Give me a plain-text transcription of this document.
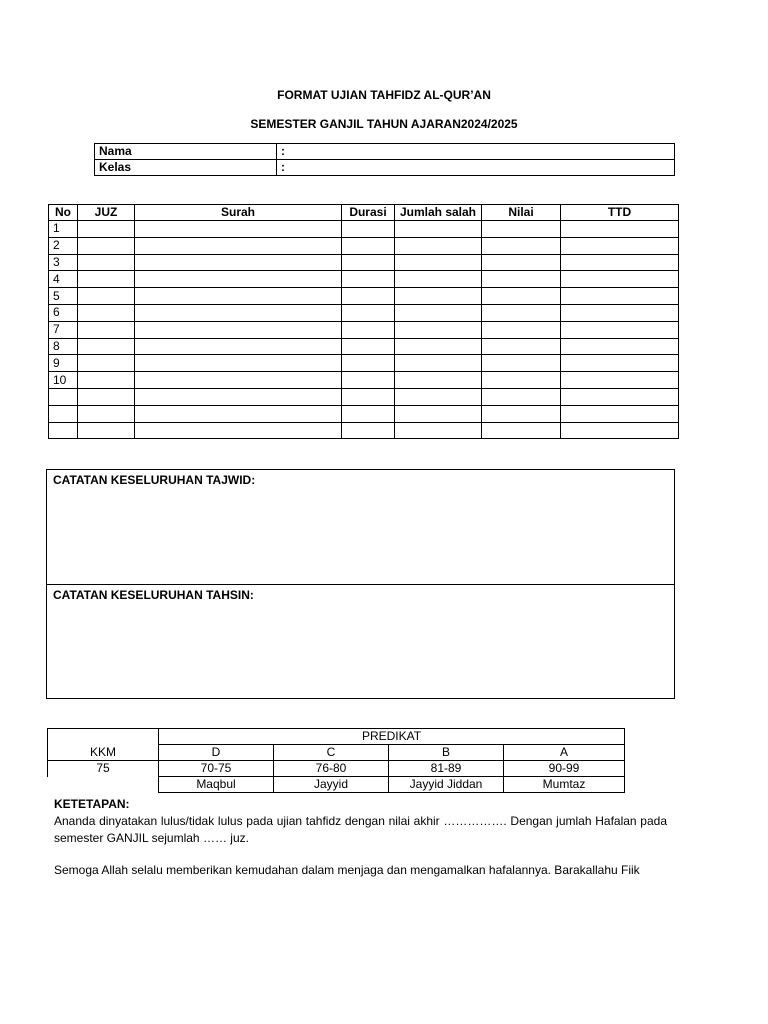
FORMAT UJIAN TAHFIDZ AL-QUR’AN
SEMESTER GANJIL TAHUN AJARAN2024/2025
Nama	:
Kelas	:
No	JUZ	Surah	Durasi	Jumlah salah	Nilai	TTD
1						
2						
3						
4						
5						
6						
7						
8						
9						
10						

CATATAN KESELURUHAN TAJWID:
CATATAN KESELURUHAN TAHSIN:
	PREDIKAT			
KKM	D	C	B	A
75	70-75	76-80	81-89	90-99
	Maqbul	Jayyid	Jayyid Jiddan	Mumtaz
KETETAPAN:
Ananda dinyatakan lulus/tidak lulus pada ujian tahfidz dengan nilai akhir ……………. Dengan jumlah Hafalan pada semester GANJIL sejumlah …… juz.
Semoga Allah selalu memberikan kemudahan dalam menjaga dan mengamalkan hafalannya. Barakallahu Fiik
